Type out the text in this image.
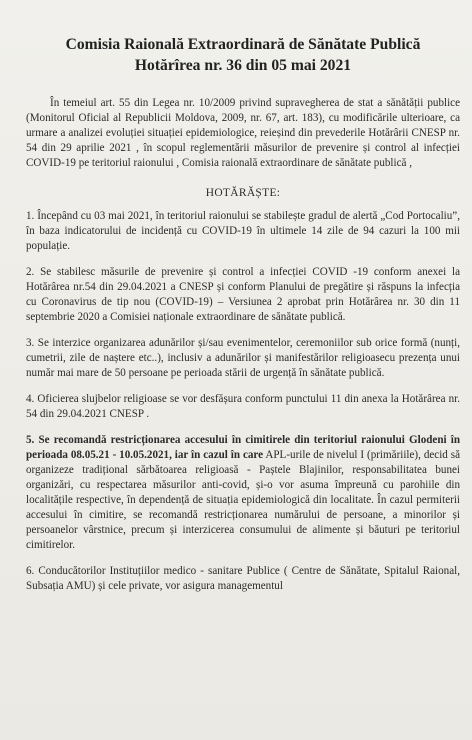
Comisia Raională Extraordinară de Sănătate Publică
Hotărîrea nr. 36 din 05 mai 2021

În temeiul art. 55 din Legea nr. 10/2009 privind supravegherea de stat a sănătății publice (Monitorul Oficial al Republicii Moldova, 2009, nr. 67, art. 183), cu modificările ulterioare, ca urmare a analizei evoluției situației epidemiologice, reieșind din prevederile Hotărârii CNESP nr. 54 din 29 aprilie 2021 , în scopul reglementării măsurilor de prevenire și control al infecției COVID-19 pe teritoriul raionului , Comisia raională extraordinare de sănătate publică ,

HOTĂRĂȘTE:

1. Începând cu 03 mai 2021, în teritoriul raionului se stabilește gradul de alertă „Cod Portocaliu”, în baza indicatorului de incidență cu COVID-19 în ultimele 14 zile de 94 cazuri la 100 mii populație.

2. Se stabilesc măsurile de prevenire și control a infecției COVID -19 conform anexei la Hotărârea nr.54 din 29.04.2021 a CNESP și conform Planului de pregătire și răspuns la infecția cu Coronavirus de tip nou (COVID-19) – Versiunea 2 aprobat prin Hotărârea nr. 30 din 11 septembrie 2020 a Comisiei naționale extraordinare de sănătate publică.

3. Se interzice organizarea adunărilor și/sau evenimentelor, ceremoniilor sub orice formă (nunți, cumetrii, zile de naștere etc..), inclusiv a adunărilor și manifestărilor religioasecu prezența unui număr mai mare de 50 persoane pe perioada stării de urgență în sănătate publică.

4. Oficierea slujbelor religioase se vor desfășura conform punctului 11 din anexa la Hotărârea nr. 54 din 29.04.2021 CNESP .

5. Se recomandă restricționarea accesului în cimitirele din teritoriul raionului Glodeni în perioada 08.05.21 - 10.05.2021, iar în cazul în care APL-urile de nivelul I (primăriile), decid să organizeze tradițional sărbătoarea religioasă - Paștele Blajinilor, responsabilitatea bunei organizări, cu respectarea măsurilor anti-covid, și-o vor asuma împreună cu parohiile din localitățile respective, în dependență de situația epidemiologică din localitate. În cazul permiterii accesului în cimitire, se recomandă restricționarea numărului de persoane, a minorilor și persoanelor vârstnice, precum și interzicerea consumului de alimente și băuturi pe teritoriul cimitirelor.

6. Conducătorilor Instituțiilor medico - sanitare Publice ( Centre de Sănătate, Spitalul Raional, Subsația AMU) și cele private, vor asigura managementul
